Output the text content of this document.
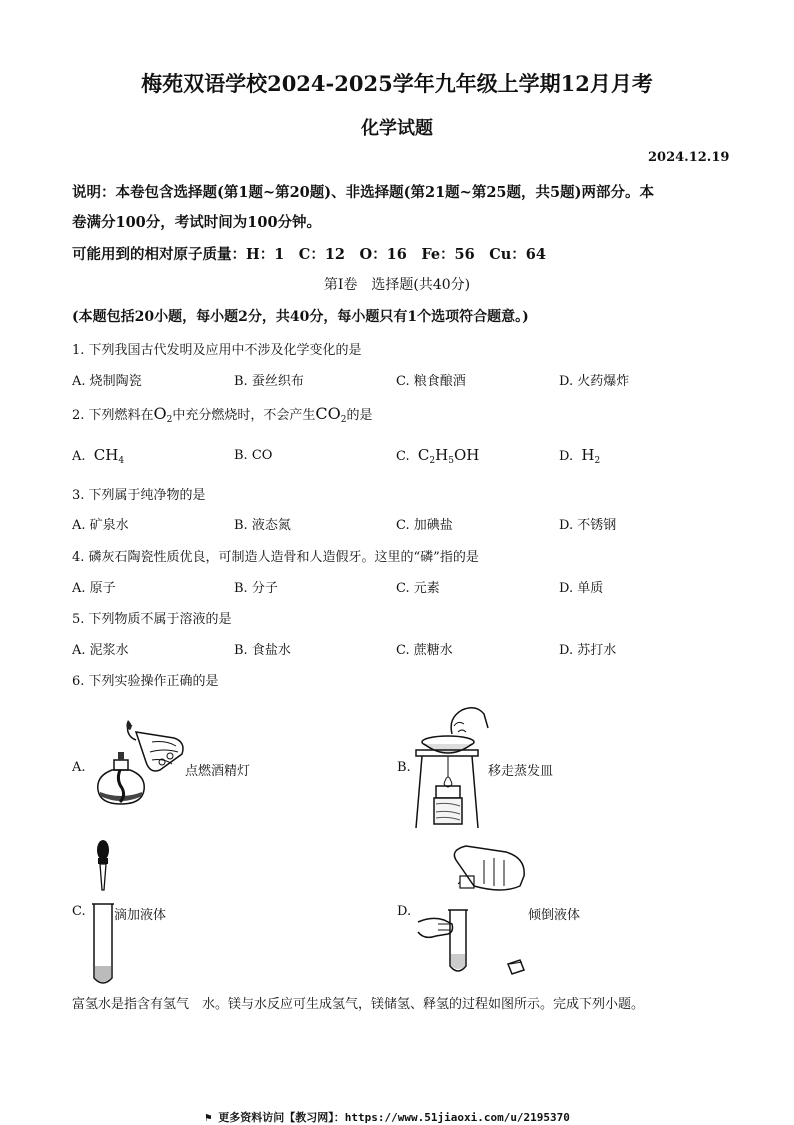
梅苑双语学校2024-2025学年九年级上学期12月月考
化学试题
2024.12.19
说明：本卷包含选择题(第1题~第20题)、非选择题(第21题~第25题，共5题)两部分。本
卷满分100分，考试时间为100分钟。
可能用到的相对原子质量：H：1　C：12　O：16　Fe：56　Cu：64
第Ⅰ卷　选择题(共40分)
(本题包括20小题，每小题2分，共40分，每小题只有1个选项符合题意。)
1. 下列我国古代发明及应用中不涉及化学变化的是
A. 烧制陶瓷	B. 蚕丝织布	C. 粮食酿酒	D. 火药爆炸
2. 下列燃料在$O_2$中充分燃烧时，不会产生$CO_2$的是
A. $CH_4$	B. CO	C. $C_2H_5OH$	D. $H_2$
3. 下列属于纯净物的是
A. 矿泉水	B. 液态氮	C. 加碘盐	D. 不锈钢
4. 磷灰石陶瓷性质优良，可制造人造骨和人造假牙。这里的“磷”指的是
A. 原子	B. 分子	C. 元素	D. 单质
5. 下列物质不属于溶液的是
A. 泥浆水	B. 食盐水	C. 蔗糖水	D. 苏打水
6. 下列实验操作正确的是
A.	点燃酒精灯	B.	移走蒸发皿
C. 滴加液体	D.	倾倒液体
富氢水是指含有氢气　水。镁与水反应可生成氢气，镁储氢、释氢的过程如图所示。完成下列小题。
⚑ 更多资料访问【教习网】：https://www.51jiaoxi.com/u/2195370
